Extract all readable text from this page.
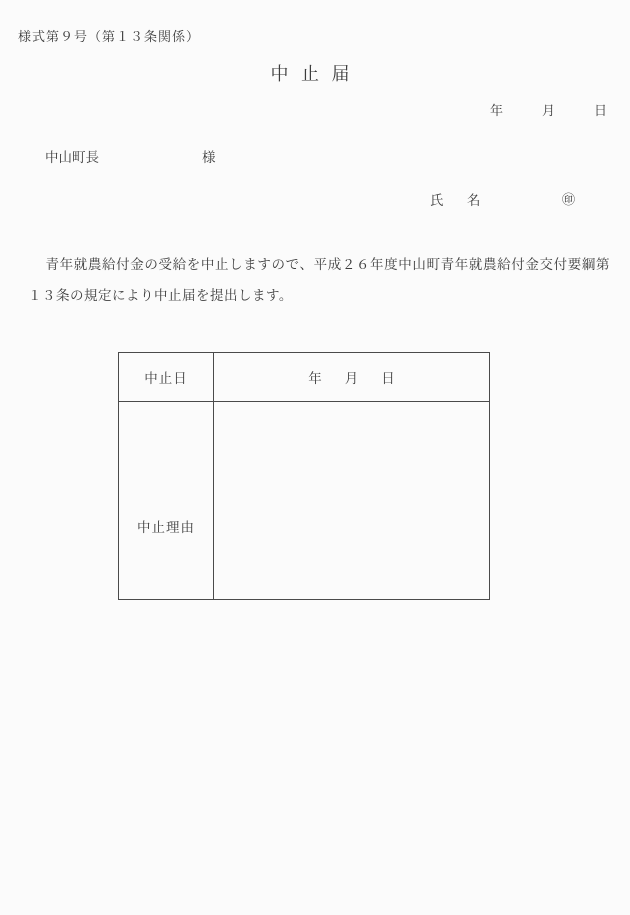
様式第９号（第１３条関係）
中 止 届
年	月	日
中山町長	様
氏　名	㊞

青年就農給付金の受給を中止しますので、平成２６年度中山町青年就農給付金交付要綱第１３条の規定により中止届を提出します。

中止日	年 月 日
中止理由
